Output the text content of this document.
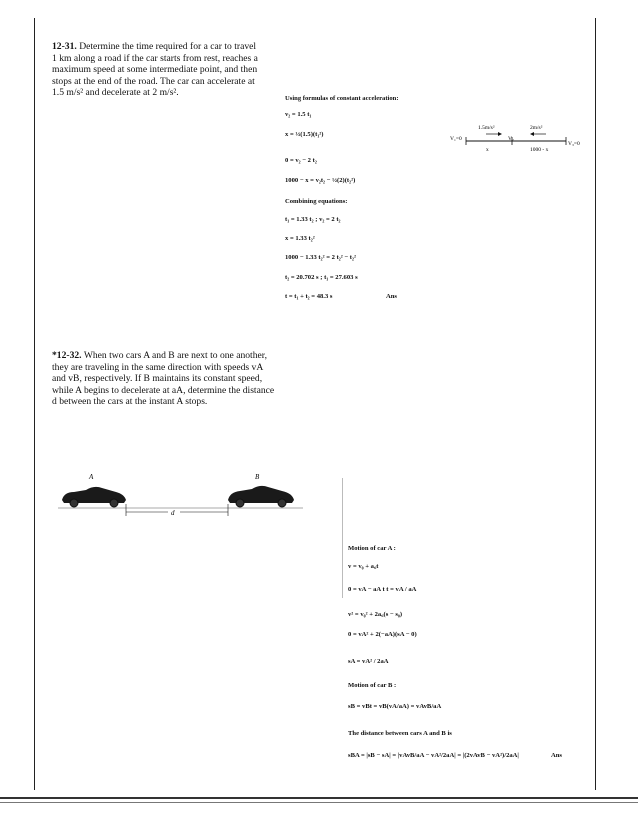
12-31. Determine the time required for a car to travel
1 km along a road if the car starts from rest, reaches a
maximum speed at some intermediate point, and then
stops at the end of the road. The car can accelerate at
1.5 m/s² and decelerate at 2 m/s².
Using formulas of constant acceleration:
v₂ = 1.5 t₁
x = ½(1.5)(t₁²)
0 = v₂ − 2 t₂
1000 − x = v₂t₂ − ½(2)(t₂²)
Combining equations:
t₁ = 1.33 t₂ ; v₂ = 2 t₂
x = 1.33 t₂²
1000 − 1.33 t₂² = 2 t₂² − t₂²
t₂ = 20.702 s ; t₁ = 27.603 s
t = t₁ + t₂ = 48.3 s	Ans
V₁=0
1.5m/s²
V₂
2m/s²
V₃=0
x	1000 - x
*12-32. When two cars A and B are next to one another,
they are traveling in the same direction with speeds vA
and vB, respectively. If B maintains its constant speed,
while A begins to decelerate at aA, determine the distance
d between the cars at the instant A stops.
A	B
d
Motion of car A :
v = v₀ + a꜀t
0 = vA − aA t t = vA / aA
v² = v₀² + 2a꜀(s − s₀)
0 = vA² + 2(−aA)(sA − 0)
sA = vA² / 2aA
Motion of car B :
sB = vBt = vB(vA/aA) = vAvB/aA
The distance between cars A and B is
sBA = |sB − sA| = |vAvB/aA − vA²/2aA| = |(2vAvB − vA²)/2aA|	Ans
